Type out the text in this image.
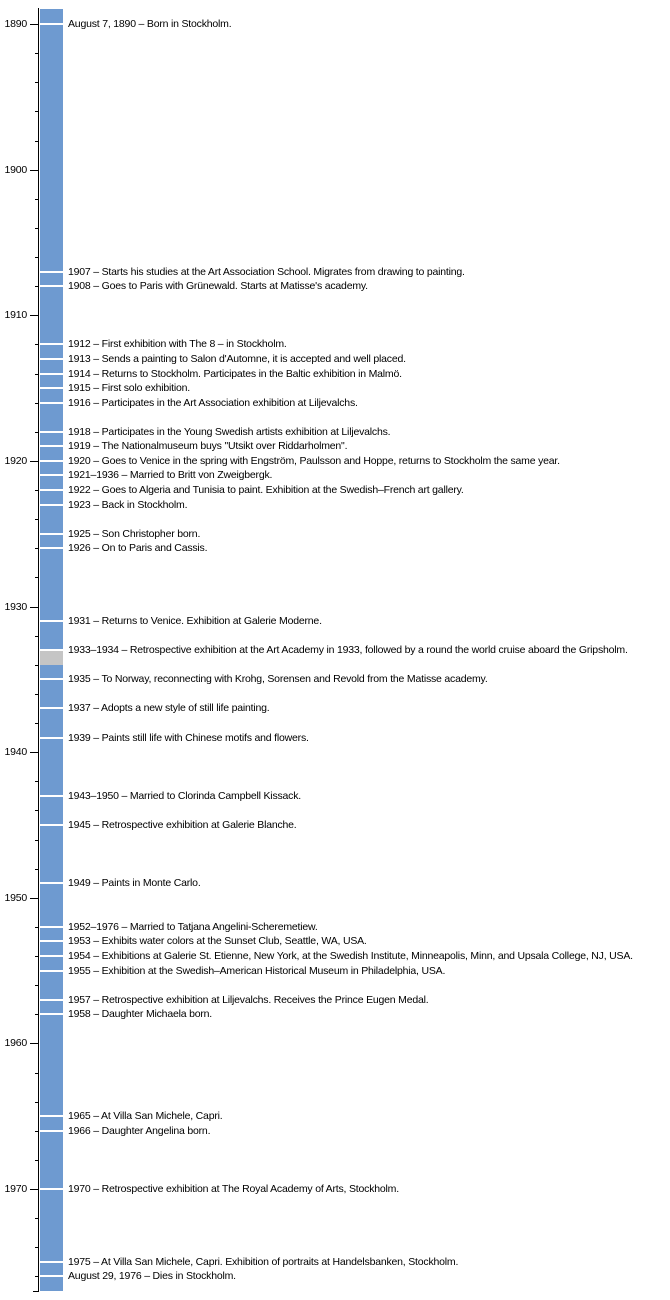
1890
1900
1910
1920
1930
1940
1950
1960
1970
August 7, 1890 – Born in Stockholm.
1907 – Starts his studies at the Art Association School. Migrates from drawing to painting.
1908 – Goes to Paris with Grünewald. Starts at Matisse's academy.
1912 – First exhibition with The 8 – in Stockholm.
1913 – Sends a painting to Salon d'Automne, it is accepted and well placed.
1914 – Returns to Stockholm. Participates in the Baltic exhibition in Malmö.
1915 – First solo exhibition.
1916 – Participates in the Art Association exhibition at Liljevalchs.
1918 – Participates in the Young Swedish artists exhibition at Liljevalchs.
1919 – The Nationalmuseum buys "Utsikt over Riddarholmen".
1920 – Goes to Venice in the spring with Engström, Paulsson and Hoppe, returns to Stockholm the same year.
1921–1936 – Married to Britt von Zweigbergk.
1922 – Goes to Algeria and Tunisia to paint. Exhibition at the Swedish–French art gallery.
1923 – Back in Stockholm.
1925 – Son Christopher born.
1926 – On to Paris and Cassis.
1931 – Returns to Venice. Exhibition at Galerie Moderne.
1933–1934 – Retrospective exhibition at the Art Academy in 1933, followed by a round the world cruise aboard the Gripsholm.
1935 – To Norway, reconnecting with Krohg, Sorensen and Revold from the Matisse academy.
1937 – Adopts a new style of still life painting.
1939 – Paints still life with Chinese motifs and flowers.
1943–1950 – Married to Clorinda Campbell Kissack.
1945 – Retrospective exhibition at Galerie Blanche.
1949 – Paints in Monte Carlo.
1952–1976 – Married to Tatjana Angelini-Scheremetiew.
1953 – Exhibits water colors at the Sunset Club, Seattle, WA, USA.
1954 – Exhibitions at Galerie St. Etienne, New York, at the Swedish Institute, Minneapolis, Minn, and Upsala College, NJ, USA.
1955 – Exhibition at the Swedish–American Historical Museum in Philadelphia, USA.
1957 – Retrospective exhibition at Liljevalchs. Receives the Prince Eugen Medal.
1958 – Daughter Michaela born.
1965 – At Villa San Michele, Capri.
1966 – Daughter Angelina born.
1970 – Retrospective exhibition at The Royal Academy of Arts, Stockholm.
1975 – At Villa San Michele, Capri. Exhibition of portraits at Handelsbanken, Stockholm.
August 29, 1976 – Dies in Stockholm.
